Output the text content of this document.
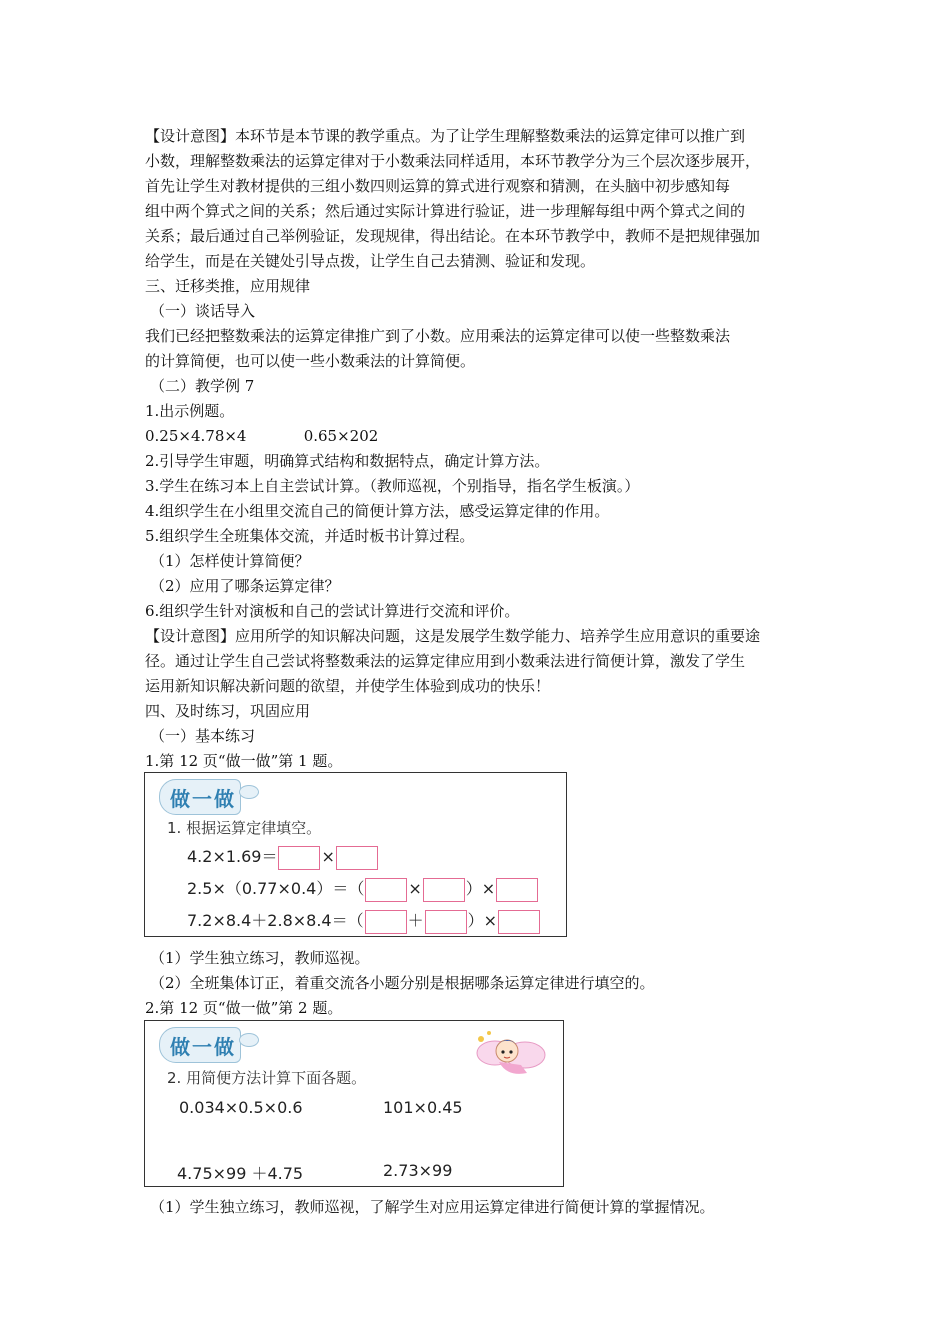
【设计意图】本环节是本节课的教学重点。为了让学生理解整数乘法的运算定律可以推广到
小数，理解整数乘法的运算定律对于小数乘法同样适用，本环节教学分为三个层次逐步展开，
首先让学生对教材提供的三组小数四则运算的算式进行观察和猜测，在头脑中初步感知每
组中两个算式之间的关系；然后通过实际计算进行验证，进一步理解每组中两个算式之间的
关系；最后通过自己举例验证，发现规律，得出结论。在本环节教学中，教师不是把规律强加
给学生，而是在关键处引导点拨，让学生自己去猜测、验证和发现。
三、迁移类推，应用规律
（一）谈话导入
我们已经把整数乘法的运算定律推广到了小数。应用乘法的运算定律可以使一些整数乘法
的计算简便，也可以使一些小数乘法的计算简便。
（二）教学例 7
1.出示例题。
0.25×4.78×4            0.65×202
2.引导学生审题，明确算式结构和数据特点，确定计算方法。
3.学生在练习本上自主尝试计算。（教师巡视，个别指导，指名学生板演。）
4.组织学生在小组里交流自己的简便计算方法，感受运算定律的作用。
5.组织学生全班集体交流，并适时板书计算过程。
（1）怎样使计算简便？
（2）应用了哪条运算定律？
6.组织学生针对演板和自己的尝试计算进行交流和评价。
【设计意图】应用所学的知识解决问题，这是发展学生数学能力、培养学生应用意识的重要途
径。通过让学生自己尝试将整数乘法的运算定律应用到小数乘法进行简便计算，激发了学生
运用新知识解决新问题的欲望，并使学生体验到成功的快乐！
四、及时练习，巩固应用
（一）基本练习
1.第 12 页“做一做”第 1 题。
做一做
1. 根据运算定律填空。
4.2×1.69＝	×
2.5×（0.77×0.4）＝（	×	）×
7.2×8.4＋2.8×8.4＝（	＋	）×
（1）学生独立练习，教师巡视。
（2）全班集体订正，着重交流各小题分别是根据哪条运算定律进行填空的。
2.第 12 页“做一做”第 2 题。
做一做
2. 用简便方法计算下面各题。
0.034×0.5×0.6	101×0.45
4.75×99 ＋4.75	2.73×99
（1）学生独立练习，教师巡视，了解学生对应用运算定律进行简便计算的掌握情况。
